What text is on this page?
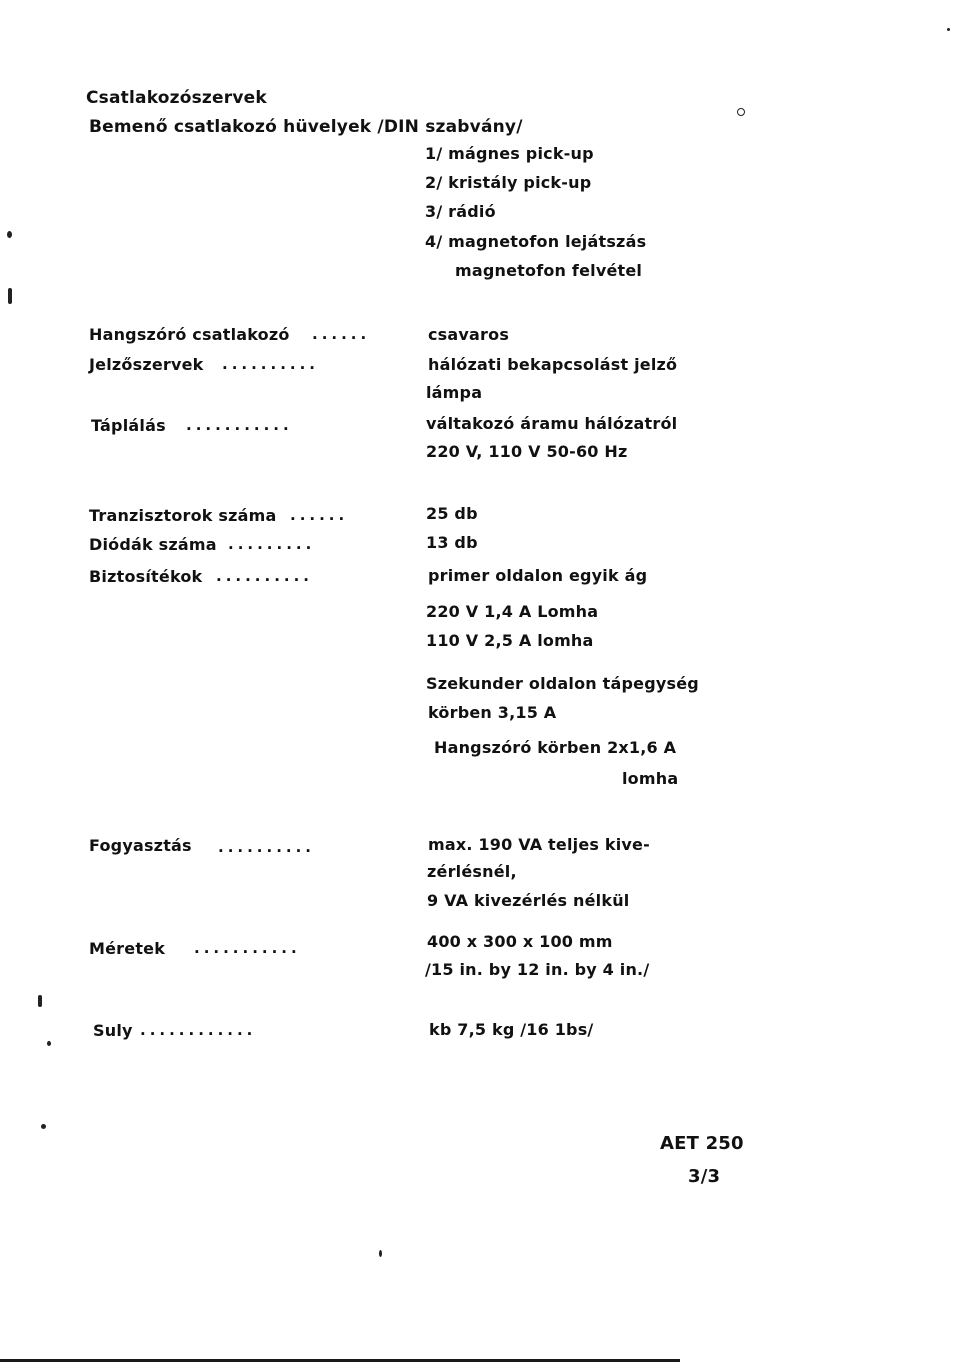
Csatlakozószervek
Bemenő csatlakozó hüvelyek /DIN szabvány/
1/ mágnes pick-up
2/ kristály pick-up
3/ rádió
4/ magnetofon lejátszás
magnetofon felvétel
Hangszóró csatlakozó ......	csavaros
Jelzőszervek ..........	hálózati bekapcsolást jelző
lámpa
Táplálás ...........	váltakozó áramu hálózatról
220 V, 110 V 50-60 Hz
Tranzisztorok száma ......	25 db
Diódák száma .........	13 db
Biztosítékok ..........	primer oldalon egyik ág
220 V 1,4 A Lomha
110 V 2,5 A lomha
Szekunder oldalon tápegység
körben 3,15 A
Hangszóró körben 2x1,6 A
lomha
Fogyasztás ..........	max. 190 VA teljes kive-
zérlésnél,
9 VA kivezérlés nélkül
Méretek ...........	400 x 300 x 100 mm
/15 in. by 12 in. by 4 in./
Suly ............	kb 7,5 kg /16 1bs/
AET 250
3/3
